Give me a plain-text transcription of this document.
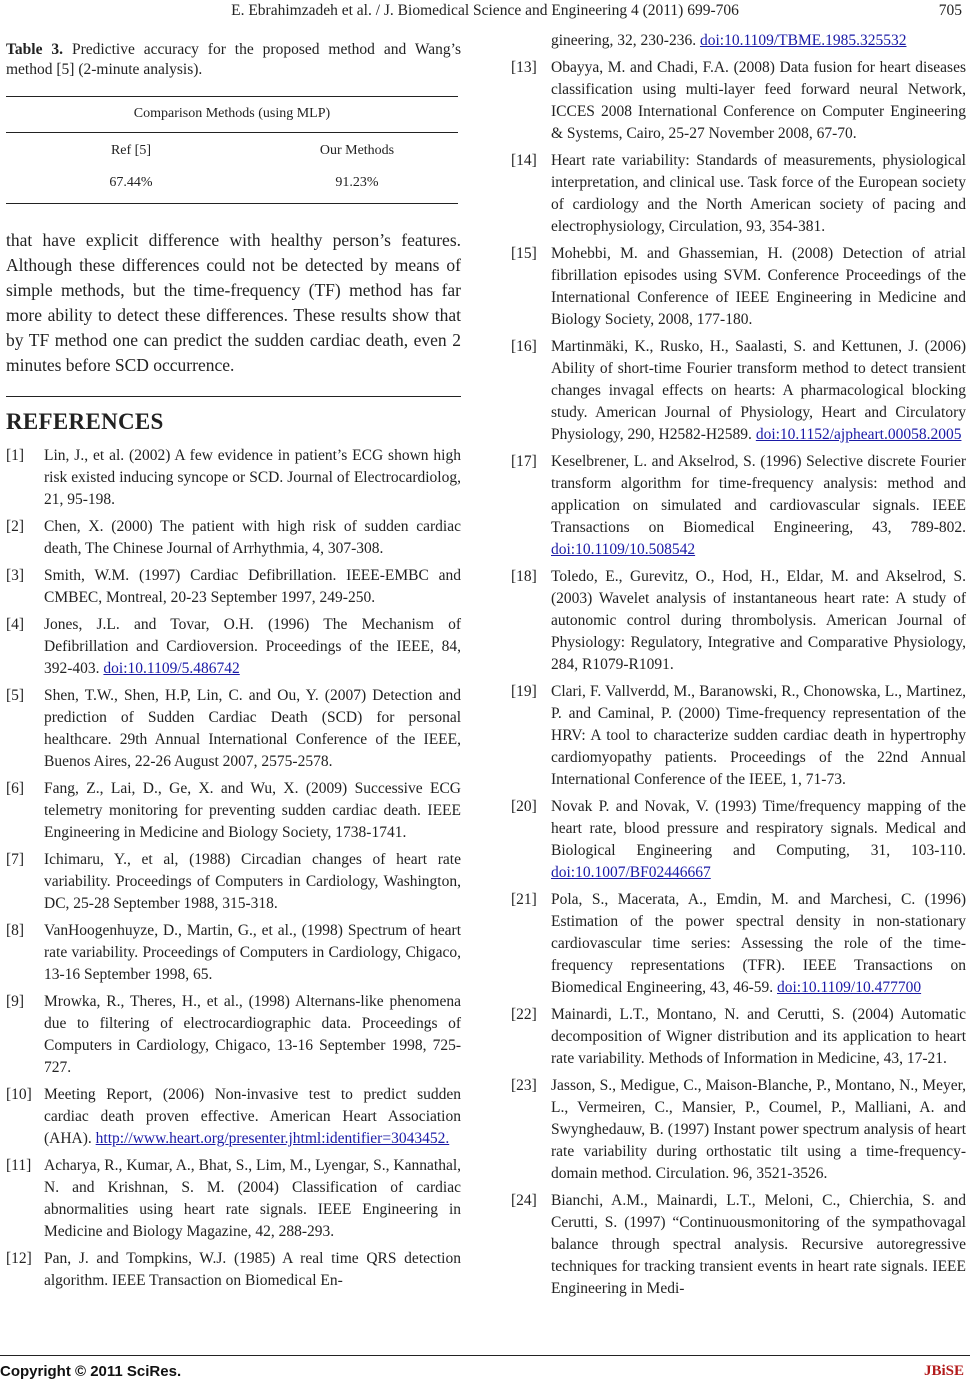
E. Ebrahimzadeh et al. / J. Biomedical Science and Engineering 4 (2011) 699-706	705

Table 3. Predictive accuracy for the proposed method and Wang’s method [5] (2-minute analysis).

Comparison Methods (using MLP)
Ref [5]	Our Methods
67.44%	91.23%

that have explicit difference with healthy person’s features. Although these differences could not be detected by means of simple methods, but the time-frequency (TF) method has far more ability to detect these differences. These results show that by TF method one can predict the sudden cardiac death, even 2 minutes before SCD occurrence.

REFERENCES
[1]	Lin, J., et al. (2002) A few evidence in patient’s ECG shown high risk existed inducing syncope or SCD. Journal of Electrocardiolog, 21, 95-198.
[2]	Chen, X. (2000) The patient with high risk of sudden cardiac death, The Chinese Journal of Arrhythmia, 4, 307-308.
[3]	Smith, W.M. (1997) Cardiac Defibrillation. IEEE-EMBC and CMBEC, Montreal, 20-23 September 1997, 249-250.
[4]	Jones, J.L. and Tovar, O.H. (1996) The Mechanism of Defibrillation and Cardioversion. Proceedings of the IEEE, 84, 392-403. doi:10.1109/5.486742
[5]	Shen, T.W., Shen, H.P, Lin, C. and Ou, Y. (2007) Detection and prediction of Sudden Cardiac Death (SCD) for personal healthcare. 29th Annual International Conference of the IEEE, Buenos Aires, 22-26 August 2007, 2575-2578.
[6]	Fang, Z., Lai, D., Ge, X. and Wu, X. (2009) Successive ECG telemetry monitoring for preventing sudden cardiac death. IEEE Engineering in Medicine and Biology Society, 1738-1741.
[7]	Ichimaru, Y., et al, (1988) Circadian changes of heart rate variability. Proceedings of Computers in Cardiology, Washington, DC, 25-28 September 1988, 315-318.
[8]	VanHoogenhuyze, D., Martin, G., et al., (1998) Spectrum of heart rate variability. Proceedings of Computers in Cardiology, Chigaco, 13-16 September 1998, 65.
[9]	Mrowka, R., Theres, H., et al., (1998) Alternans-like phenomena due to filtering of electrocardiographic data. Proceedings of Computers in Cardiology, Chigaco, 13-16 September 1998, 725-727.
[10] Meeting Report, (2006) Non-invasive test to predict sudden cardiac death proven effective. American Heart Association (AHA). http://www.heart.org/presenter.jhtml:identifier=3043452.
[11] Acharya, R., Kumar, A., Bhat, S., Lim, M., Lyengar, S., Kannathal, N. and Krishnan, S. M. (2004) Classification of cardiac abnormalities using heart rate signals. IEEE Engineering in Medicine and Biology Magazine, 42, 288-293.
[12] Pan, J. and Tompkins, W.J. (1985) A real time QRS detection algorithm. IEEE Transaction on Biomedical En-
gineering, 32, 230-236. doi:10.1109/TBME.1985.325532
[13] Obayya, M. and Chadi, F.A. (2008) Data fusion for heart diseases classification using multi-layer feed forward neural Network, ICCES 2008 International Conference on Computer Engineering & Systems, Cairo, 25-27 November 2008, 67-70.
[14] Heart rate variability: Standards of measurements, physiological interpretation, and clinical use. Task force of the European society of cardiology and the North American society of pacing and electrophysiology, Circulation, 93, 354-381.
[15] Mohebbi, M. and Ghassemian, H. (2008) Detection of atrial fibrillation episodes using SVM. Conference Proceedings of the International Conference of IEEE Engineering in Medicine and Biology Society, 2008, 177-180.
[16] Martinmäki, K., Rusko, H., Saalasti, S. and Kettunen, J. (2006) Ability of short-time Fourier transform method to detect transient changes invagal effects on hearts: A pharmacological blocking study. American Journal of Physiology, Heart and Circulatory Physiology, 290, H2582-H2589. doi:10.1152/ajpheart.00058.2005
[17] Keselbrener, L. and Akselrod, S. (1996) Selective discrete Fourier transform algorithm for time-frequency analysis: method and application on simulated and cardiovascular signals. IEEE Transactions on Biomedical Engineering, 43, 789-802. doi:10.1109/10.508542
[18] Toledo, E., Gurevitz, O., Hod, H., Eldar, M. and Akselrod, S. (2003) Wavelet analysis of instantaneous heart rate: A study of autonomic control during thrombolysis. American Journal of Physiology: Regulatory, Integrative and Comparative Physiology, 284, R1079-R1091.
[19] Clari, F. Vallverdd, M., Baranowski, R., Chonowska, L., Martinez, P. and Caminal, P. (2000) Time-frequency representation of the HRV: A tool to characterize sudden cardiac death in hypertrophy cardiomyopathy patients. Proceedings of the 22nd Annual International Conference of the IEEE, 1, 71-73.
[20] Novak P. and Novak, V. (1993) Time/frequency mapping of the heart rate, blood pressure and respiratory signals. Medical and Biological Engineering and Computing, 31, 103-110. doi:10.1007/BF02446667
[21] Pola, S., Macerata, A., Emdin, M. and Marchesi, C. (1996) Estimation of the power spectral density in non-stationary cardiovascular time series: Assessing the role of the time-frequency representations (TFR). IEEE Transactions on Biomedical Engineering, 43, 46-59. doi:10.1109/10.477700
[22] Mainardi, L.T., Montano, N. and Cerutti, S. (2004) Automatic decomposition of Wigner distribution and its application to heart rate variability. Methods of Information in Medicine, 43, 17-21.
[23] Jasson, S., Medigue, C., Maison-Blanche, P., Montano, N., Meyer, L., Vermeiren, C., Mansier, P., Coumel, P., Malliani, A. and Swynghedauw, B. (1997) Instant power spectrum analysis of heart rate variability during orthostatic tilt using a time-frequency-domain method. Circulation. 96, 3521-3526.
[24] Bianchi, A.M., Mainardi, L.T., Meloni, C., Chierchia, S. and Cerutti, S. (1997) “Continuousmonitoring of the sympathovagal balance through spectral analysis. Recursive autoregressive techniques for tracking transient events in heart rate signals. IEEE Engineering in Medi-
Copyright © 2011 SciRes.	JBiSE
